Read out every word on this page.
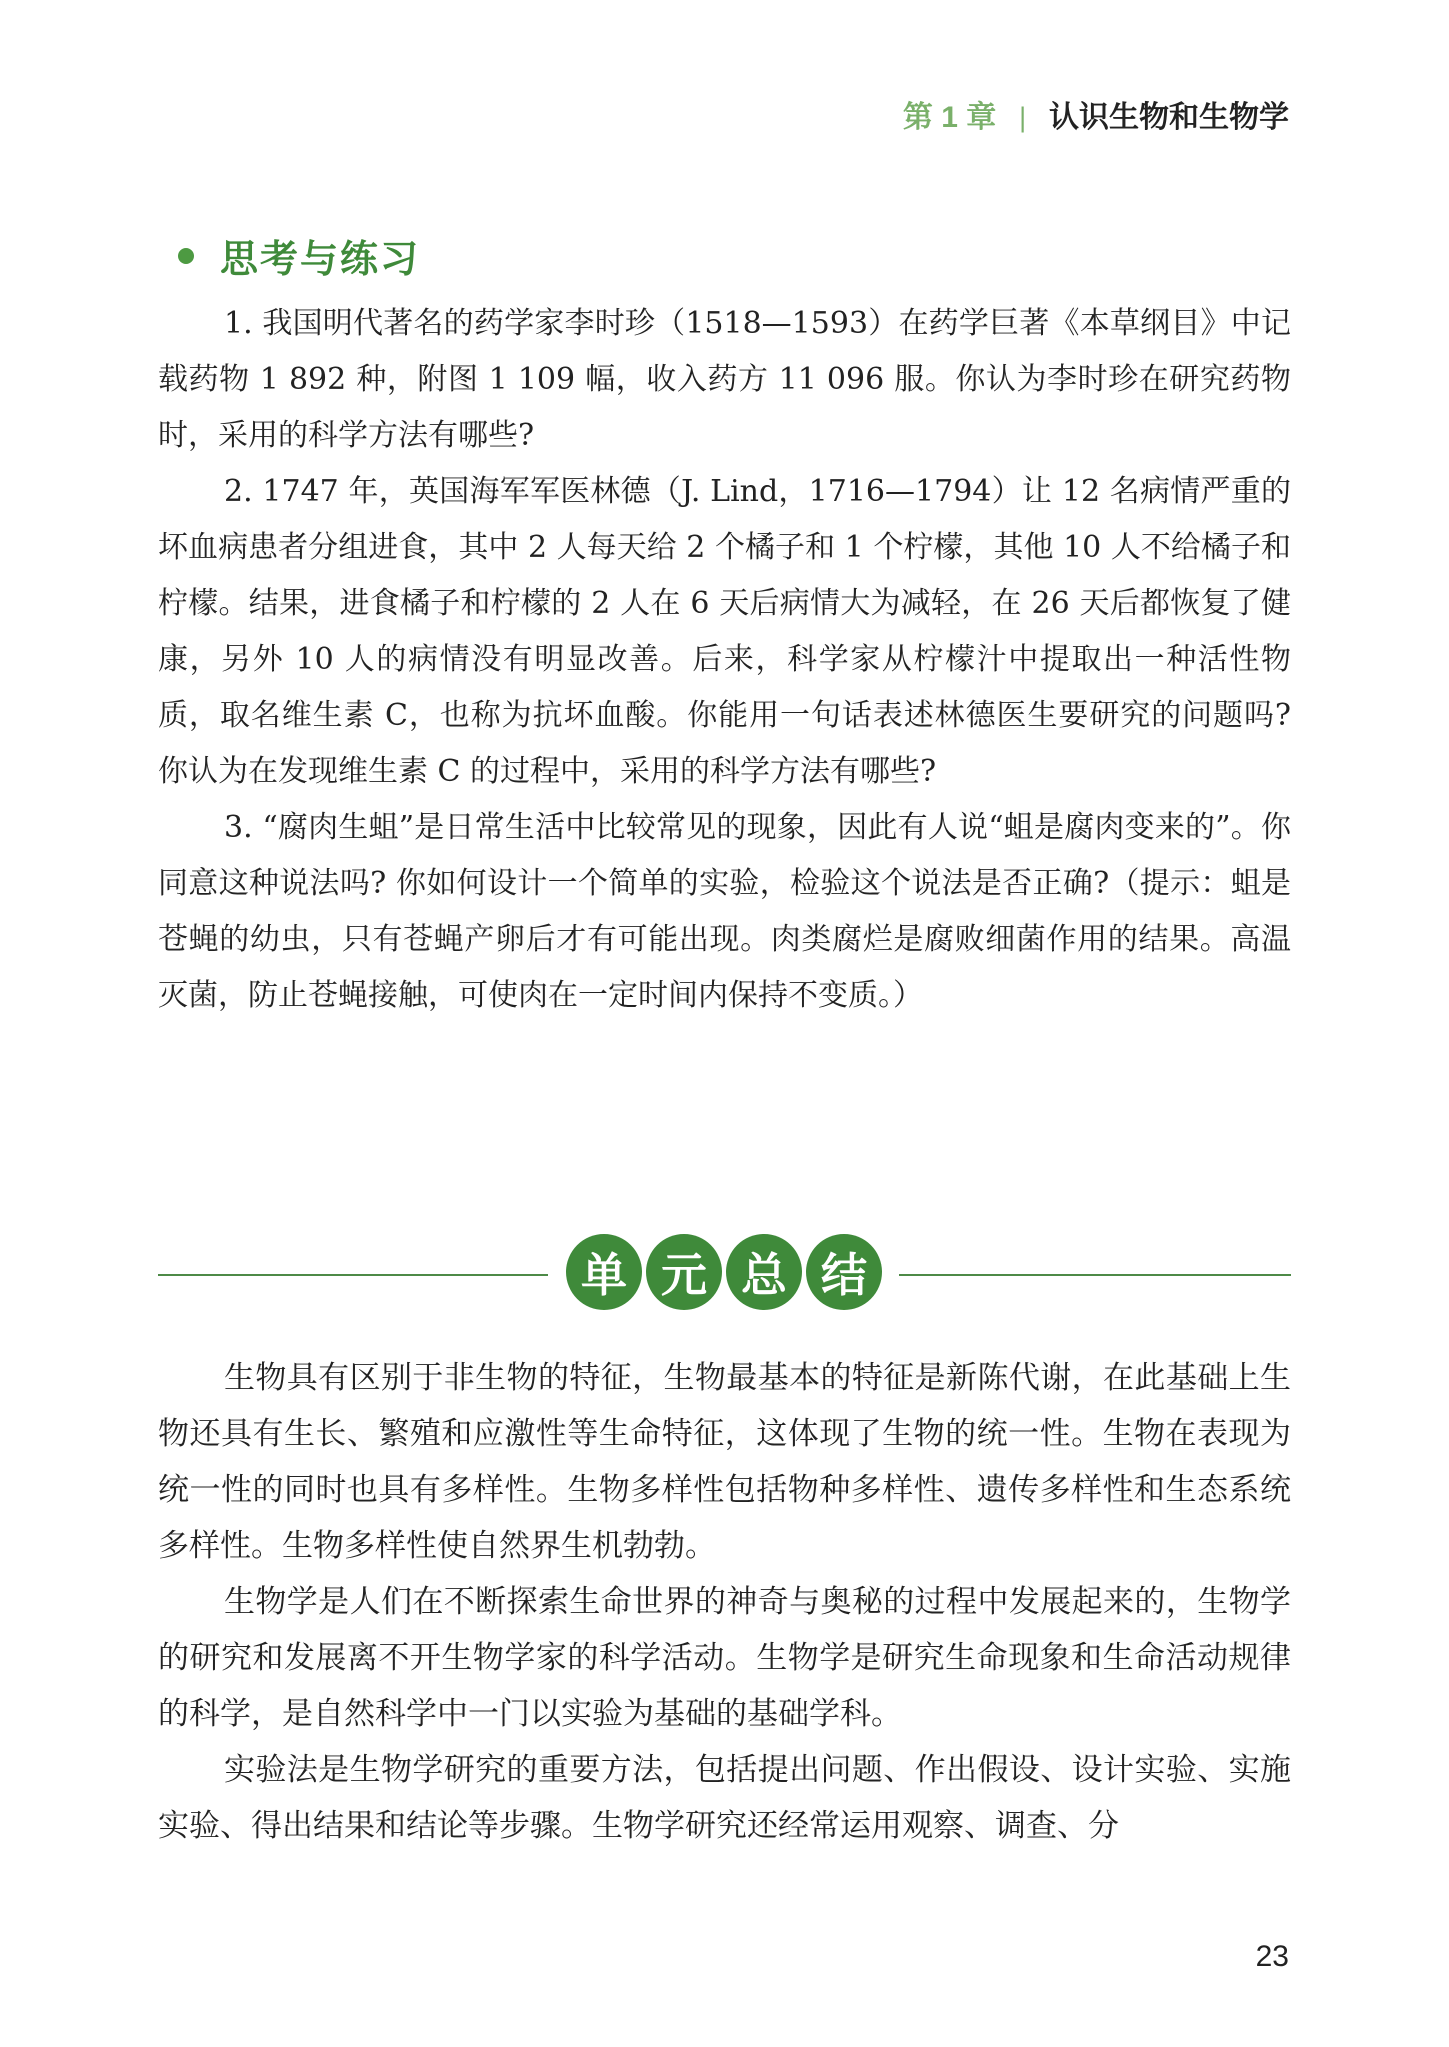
第 1 章 | 认识生物和生物学
思考与练习

1. 我国明代著名的药学家李时珍（1518—1593）在药学巨著《本草纲目》中记载药物 1 892 种，附图 1 109 幅，收入药方 11 096 服。你认为李时珍在研究药物时，采用的科学方法有哪些?

2. 1747 年，英国海军军医林德（J. Lind，1716—1794）让 12 名病情严重的坏血病患者分组进食，其中 2 人每天给 2 个橘子和 1 个柠檬，其他 10 人不给橘子和柠檬。结果，进食橘子和柠檬的 2 人在 6 天后病情大为减轻，在 26 天后都恢复了健康，另外 10 人的病情没有明显改善。后来，科学家从柠檬汁中提取出一种活性物质，取名维生素 C，也称为抗坏血酸。你能用一句话表述林德医生要研究的问题吗? 你认为在发现维生素 C 的过程中，采用的科学方法有哪些?

3. “腐肉生蛆”是日常生活中比较常见的现象，因此有人说“蛆是腐肉变来的”。你同意这种说法吗? 你如何设计一个简单的实验，检验这个说法是否正确?（提示：蛆是苍蝇的幼虫，只有苍蝇产卵后才有可能出现。肉类腐烂是腐败细菌作用的结果。高温灭菌，防止苍蝇接触，可使肉在一定时间内保持不变质。）

单 元 总 结

生物具有区别于非生物的特征，生物最基本的特征是新陈代谢，在此基础上生物还具有生长、繁殖和应激性等生命特征，这体现了生物的统一性。生物在表现为统一性的同时也具有多样性。生物多样性包括物种多样性、遗传多样性和生态系统多样性。生物多样性使自然界生机勃勃。

生物学是人们在不断探索生命世界的神奇与奥秘的过程中发展起来的，生物学的研究和发展离不开生物学家的科学活动。生物学是研究生命现象和生命活动规律的科学，是自然科学中一门以实验为基础的基础学科。

实验法是生物学研究的重要方法，包括提出问题、作出假设、设计实验、实施实验、得出结果和结论等步骤。生物学研究还经常运用观察、调查、分

23
